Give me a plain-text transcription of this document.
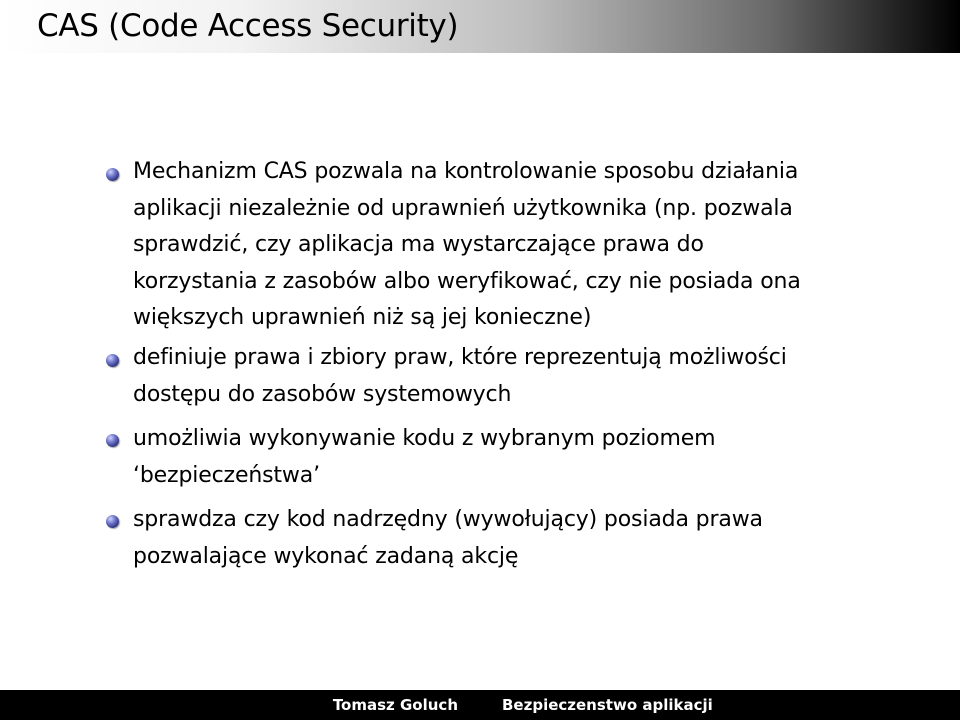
CAS (Code Access Security)
Mechanizm CAS pozwala na kontrolowanie sposobu działania
aplikacji niezależnie od uprawnień użytkownika (np. pozwala
sprawdzić, czy aplikacja ma wystarczające prawa do
korzystania z zasobów albo weryfikować, czy nie posiada ona
większych uprawnień niż są jej konieczne)
definiuje prawa i zbiory praw, które reprezentują możliwości
dostępu do zasobów systemowych
umożliwia wykonywanie kodu z wybranym poziomem
‘bezpieczeństwa’
sprawdza czy kod nadrzędny (wywołujący) posiada prawa
pozwalające wykonać zadaną akcję
Tomasz Goluch	Bezpieczenstwo aplikacji
